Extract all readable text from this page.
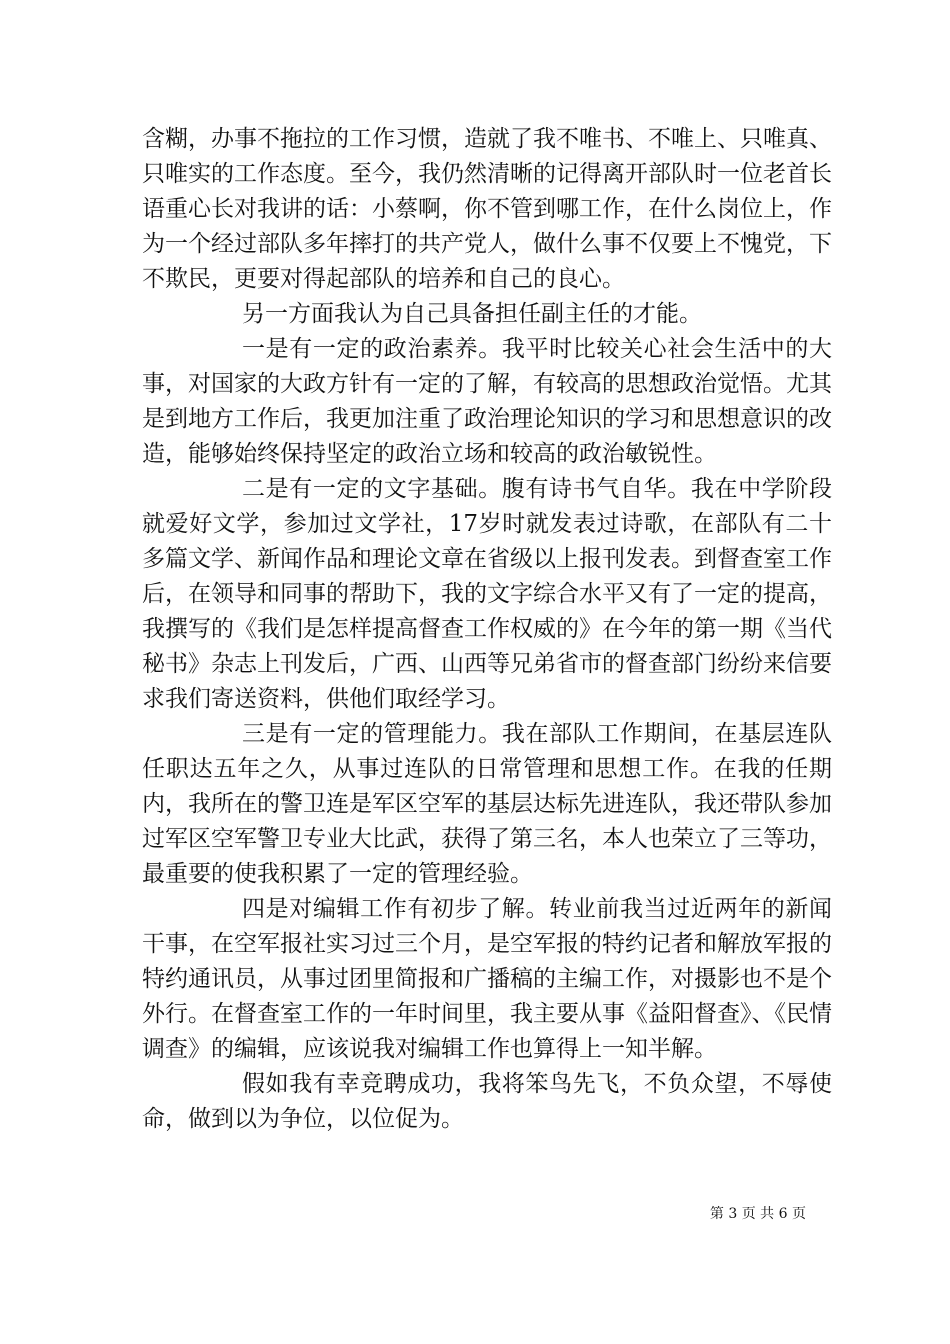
含糊，办事不拖拉的工作习惯，造就了我不唯书、不唯上、只唯真、只唯实的工作态度。至今，我仍然清晰的记得离开部队时一位老首长语重心长对我讲的话：小蔡啊，你不管到哪工作，在什么岗位上，作为一个经过部队多年摔打的共产党人，做什么事不仅要上不愧党，下不欺民，更要对得起部队的培养和自己的良心。

另一方面我认为自己具备担任副主任的才能。

一是有一定的政治素养。我平时比较关心社会生活中的大事，对国家的大政方针有一定的了解，有较高的思想政治觉悟。尤其是到地方工作后，我更加注重了政治理论知识的学习和思想意识的改造，能够始终保持坚定的政治立场和较高的政治敏锐性。

二是有一定的文字基础。腹有诗书气自华。我在中学阶段就爱好文学，参加过文学社，17岁时就发表过诗歌，在部队有二十多篇文学、新闻作品和理论文章在省级以上报刊发表。到督查室工作后，在领导和同事的帮助下，我的文字综合水平又有了一定的提高，我撰写的《我们是怎样提高督查工作权威的》在今年的第一期《当代秘书》杂志上刊发后，广西、山西等兄弟省市的督查部门纷纷来信要求我们寄送资料，供他们取经学习。

三是有一定的管理能力。我在部队工作期间，在基层连队任职达五年之久，从事过连队的日常管理和思想工作。在我的任期内，我所在的警卫连是军区空军的基层达标先进连队，我还带队参加过军区空军警卫专业大比武，获得了第三名，本人也荣立了三等功，最重要的使我积累了一定的管理经验。

四是对编辑工作有初步了解。转业前我当过近两年的新闻干事，在空军报社实习过三个月，是空军报的特约记者和解放军报的特约通讯员，从事过团里简报和广播稿的主编工作，对摄影也不是个外行。在督查室工作的一年时间里，我主要从事《益阳督查》、《民情调查》的编辑，应该说我对编辑工作也算得上一知半解。

假如我有幸竞聘成功，我将笨鸟先飞，不负众望，不辱使命，做到以为争位，以位促为。

第 3 页 共 6 页
